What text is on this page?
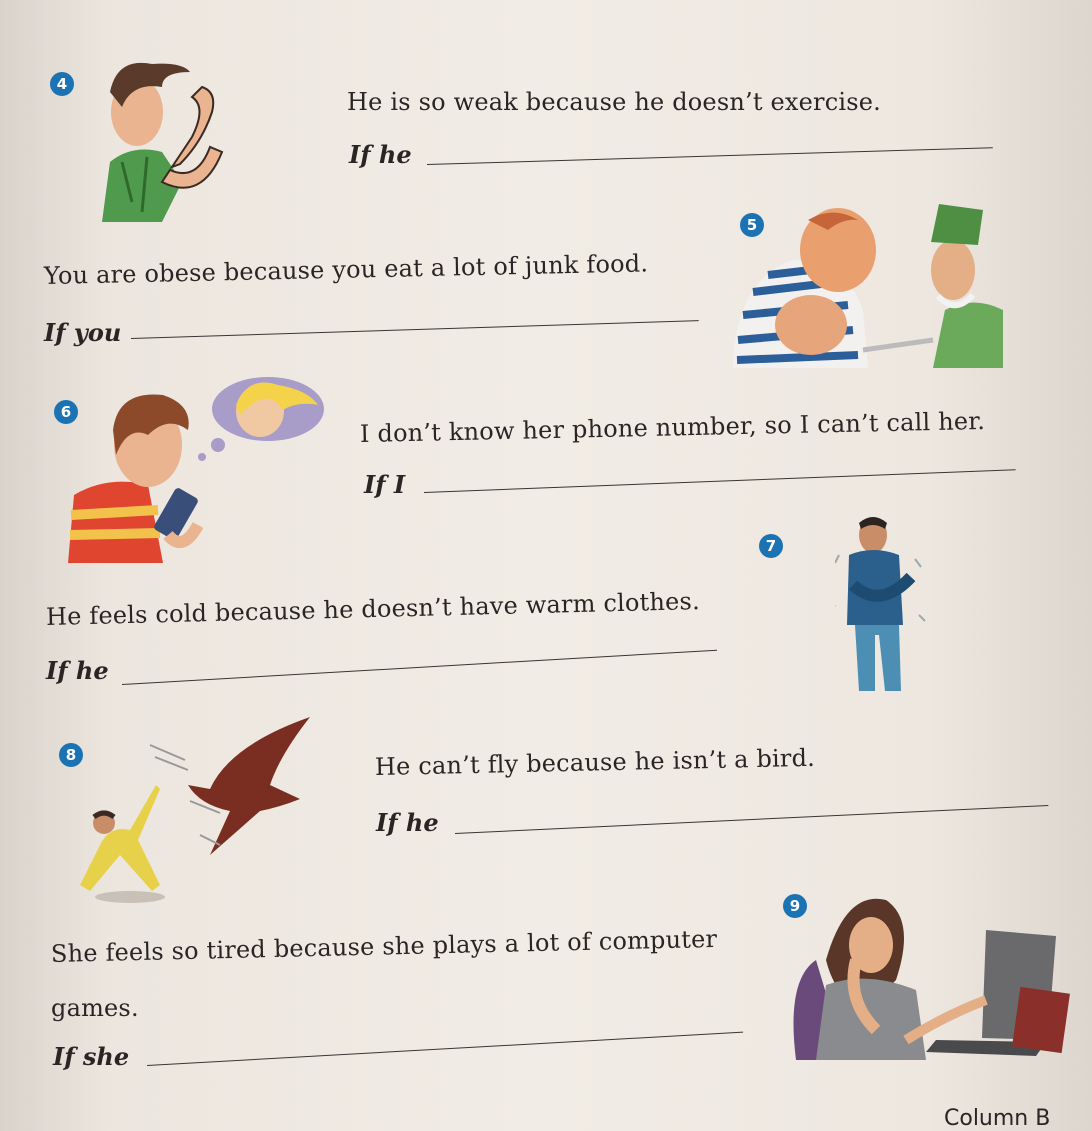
4
He is so weak because he doesn’t exercise.
If he
5
You are obese because you eat a lot of junk food.
If you
6	I don’t know her phone number, so I can’t call her.
If I
7
He feels cold because he doesn’t have warm clothes.
If he
8	He can’t fly because he isn’t a bird.
If he
9
She feels so tired because she plays a lot of computer
games.
If she
Column B
